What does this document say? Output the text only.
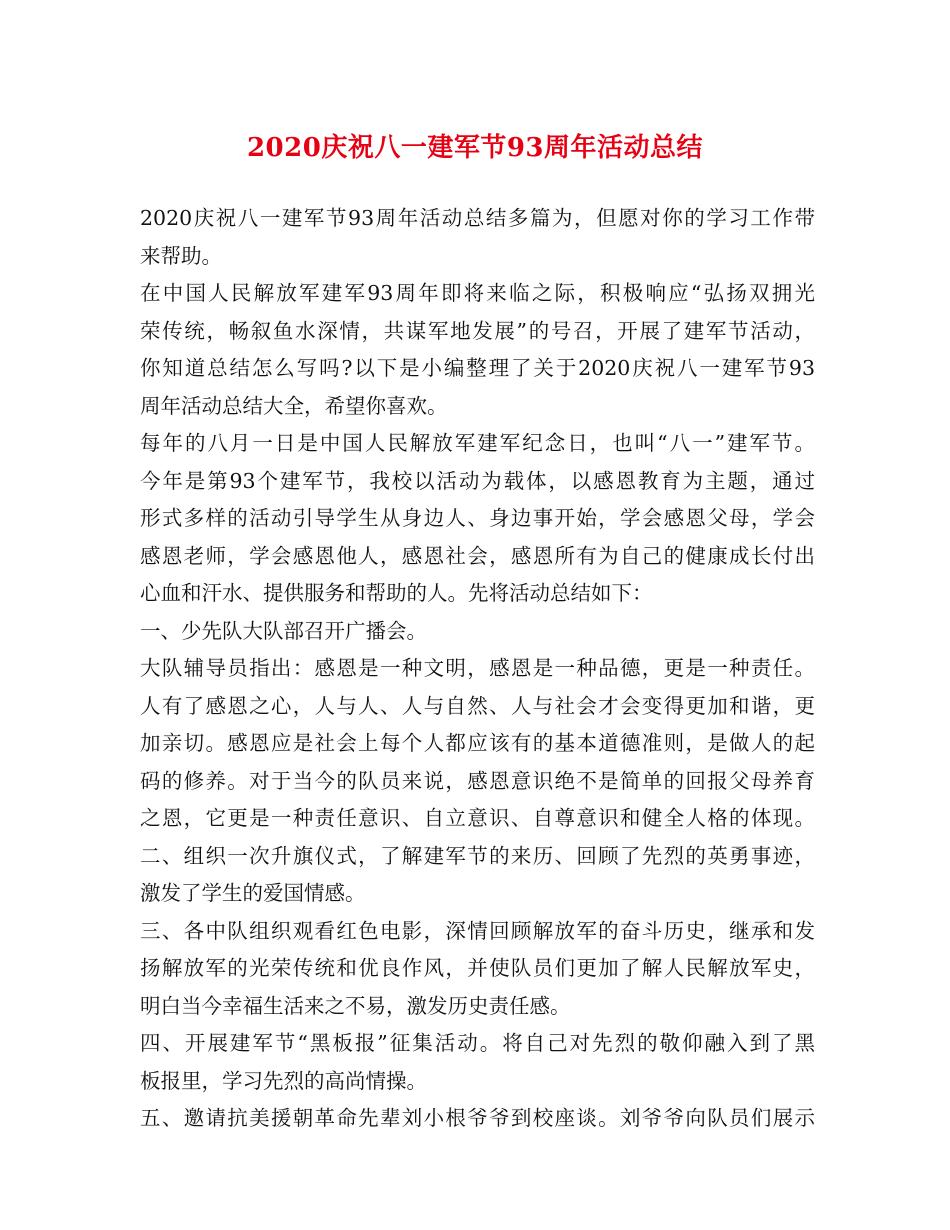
2020庆祝八一建军节93周年活动总结
2020庆祝八一建军节93周年活动总结多篇为，但愿对你的学习工作带
来帮助。
在中国人民解放军建军93周年即将来临之际，积极响应“弘扬双拥光
荣传统，畅叙鱼水深情，共谋军地发展”的号召，开展了建军节活动，
你知道总结怎么写吗?以下是小编整理了关于2020庆祝八一建军节93
周年活动总结大全，希望你喜欢。
每年的八月一日是中国人民解放军建军纪念日，也叫“八一”建军节。
今年是第93个建军节，我校以活动为载体，以感恩教育为主题，通过
形式多样的活动引导学生从身边人、身边事开始，学会感恩父母，学会
感恩老师，学会感恩他人，感恩社会，感恩所有为自己的健康成长付出
心血和汗水、提供服务和帮助的人。先将活动总结如下：
一、少先队大队部召开广播会。
大队辅导员指出：感恩是一种文明，感恩是一种品德，更是一种责任。
人有了感恩之心，人与人、人与自然、人与社会才会变得更加和谐，更
加亲切。感恩应是社会上每个人都应该有的基本道德准则，是做人的起
码的修养。对于当今的队员来说，感恩意识绝不是简单的回报父母养育
之恩，它更是一种责任意识、自立意识、自尊意识和健全人格的体现。
二、组织一次升旗仪式，了解建军节的来历、回顾了先烈的英勇事迹，
激发了学生的爱国情感。
三、各中队组织观看红色电影，深情回顾解放军的奋斗历史，继承和发
扬解放军的光荣传统和优良作风，并使队员们更加了解人民解放军史，
明白当今幸福生活来之不易，激发历史责任感。
四、开展建军节“黑板报”征集活动。将自己对先烈的敬仰融入到了黑
板报里，学习先烈的高尚情操。
五、邀请抗美援朝革命先辈刘小根爷爷到校座谈。刘爷爷向队员们展示
